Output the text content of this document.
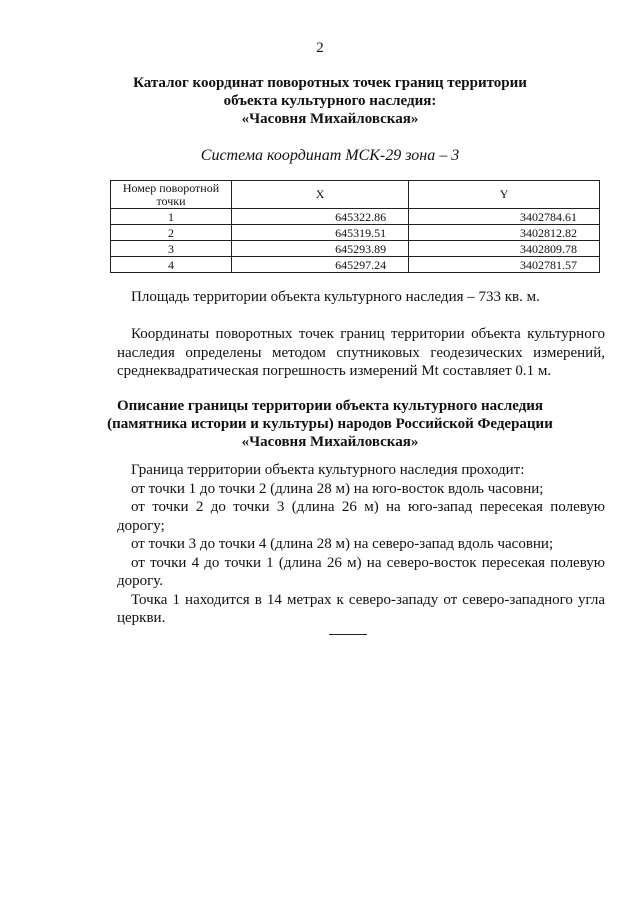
2
Каталог координат поворотных точек границ территории
объекта культурного наследия:
«Часовня Михайловская»
Система координат МСК-29 зона – 3
Номер поворотной точки	X	Y
1	645322.86	3402784.61
2	645319.51	3402812.82
3	645293.89	3402809.78
4	645297.24	3402781.57
Площадь территории объекта культурного наследия – 733 кв. м.
Координаты поворотных точек границ территории объекта культурного наследия определены методом спутниковых геодезических измерений, среднеквадратическая погрешность измерений Mt составляет 0.1 м.
Описание границы территории объекта культурного наследия
(памятника истории и культуры) народов Российской Федерации
«Часовня Михайловская»
Граница территории объекта культурного наследия проходит:
от точки 1 до точки 2 (длина 28 м) на юго-восток вдоль часовни;
от точки 2 до точки 3 (длина 26 м) на юго-запад пересекая полевую дорогу;
от точки 3 до точки 4 (длина 28 м) на северо-запад вдоль часовни;
от точки 4 до точки 1 (длина 26 м) на северо-восток пересекая полевую дорогу.
Точка 1 находится в 14 метрах к северо-западу от северо-западного угла церкви.
